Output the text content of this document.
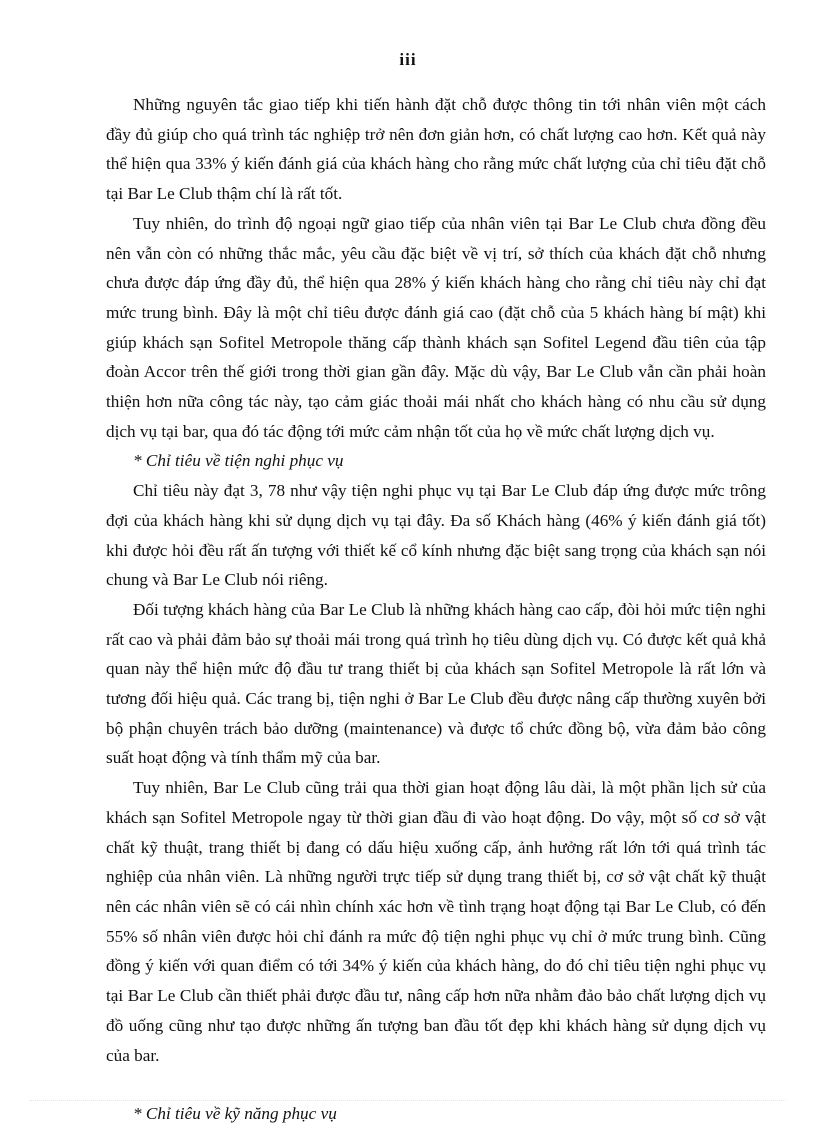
iii

Những nguyên tắc giao tiếp khi tiến hành đặt chỗ được thông tin tới nhân viên một cách đầy đủ giúp cho quá trình tác nghiệp trở nên đơn giản hơn, có chất lượng cao hơn. Kết quả này thể hiện qua 33% ý kiến đánh giá của khách hàng cho rằng mức chất lượng của chỉ tiêu đặt chỗ tại Bar Le Club thậm chí là rất tốt.

Tuy nhiên, do trình độ ngoại ngữ giao tiếp của nhân viên tại Bar Le Club chưa đồng đều nên vẫn còn có những thắc mắc, yêu cầu đặc biệt về vị trí, sở thích của khách đặt chỗ nhưng chưa được đáp ứng đầy đủ, thể hiện qua 28% ý kiến khách hàng cho rằng chỉ tiêu này chỉ đạt mức trung bình. Đây là một chỉ tiêu được đánh giá cao (đặt chỗ của 5 khách hàng bí mật) khi giúp khách sạn Sofitel Metropole thăng cấp thành khách sạn Sofitel Legend đầu tiên của tập đoàn Accor trên thế giới trong thời gian gần đây. Mặc dù vậy, Bar Le Club vẫn cần phải hoàn thiện hơn nữa công tác này, tạo cảm giác thoải mái nhất cho khách hàng có nhu cầu sử dụng dịch vụ tại bar, qua đó tác động tới mức cảm nhận tốt của họ về mức chất lượng dịch vụ.

* Chỉ tiêu về tiện nghi phục vụ

Chỉ tiêu này đạt 3, 78 như vậy tiện nghi phục vụ tại Bar Le Club đáp ứng được mức trông đợi của khách hàng khi sử dụng dịch vụ tại đây. Đa số Khách hàng (46% ý kiến đánh giá tốt) khi được hỏi đều rất ấn tượng với thiết kế cổ kính nhưng đặc biệt sang trọng của khách sạn nói chung và Bar Le Club nói riêng.

Đối tượng khách hàng của Bar Le Club là những khách hàng cao cấp, đòi hỏi mức tiện nghi rất cao và phải đảm bảo sự thoải mái trong quá trình họ tiêu dùng dịch vụ. Có được kết quả khả quan này thể hiện mức độ đầu tư trang thiết bị của khách sạn Sofitel Metropole là rất lớn và tương đối hiệu quả. Các trang bị, tiện nghi ở Bar Le Club đều được nâng cấp thường xuyên bởi bộ phận chuyên trách bảo dưỡng (maintenance) và được tổ chức đồng bộ, vừa đảm bảo công suất hoạt động và tính thẩm mỹ của bar.

Tuy nhiên, Bar Le Club cũng trải qua thời gian hoạt động lâu dài, là một phần lịch sử của khách sạn Sofitel Metropole ngay từ thời gian đầu đi vào hoạt động. Do vậy, một số cơ sở vật chất kỹ thuật, trang thiết bị đang có dấu hiệu xuống cấp, ảnh hưởng rất lớn tới quá trình tác nghiệp của nhân viên. Là những người trực tiếp sử dụng trang thiết bị, cơ sở vật chất kỹ thuật nên các nhân viên sẽ có cái nhìn chính xác hơn về tình trạng hoạt động tại Bar Le Club, có đến 55% số nhân viên được hỏi chỉ đánh ra mức độ tiện nghi phục vụ chỉ ở mức trung bình. Cũng đồng ý kiến với quan điểm có tới 34% ý kiến của khách hàng, do đó chỉ tiêu tiện nghi phục vụ tại Bar Le Club cần thiết phải được đầu tư, nâng cấp hơn nữa nhằm đảo bảo chất lượng dịch vụ đồ uống cũng như tạo được những ấn tượng ban đầu tốt đẹp khi khách hàng sử dụng dịch vụ của bar.

* Chỉ tiêu về kỹ năng phục vụ
